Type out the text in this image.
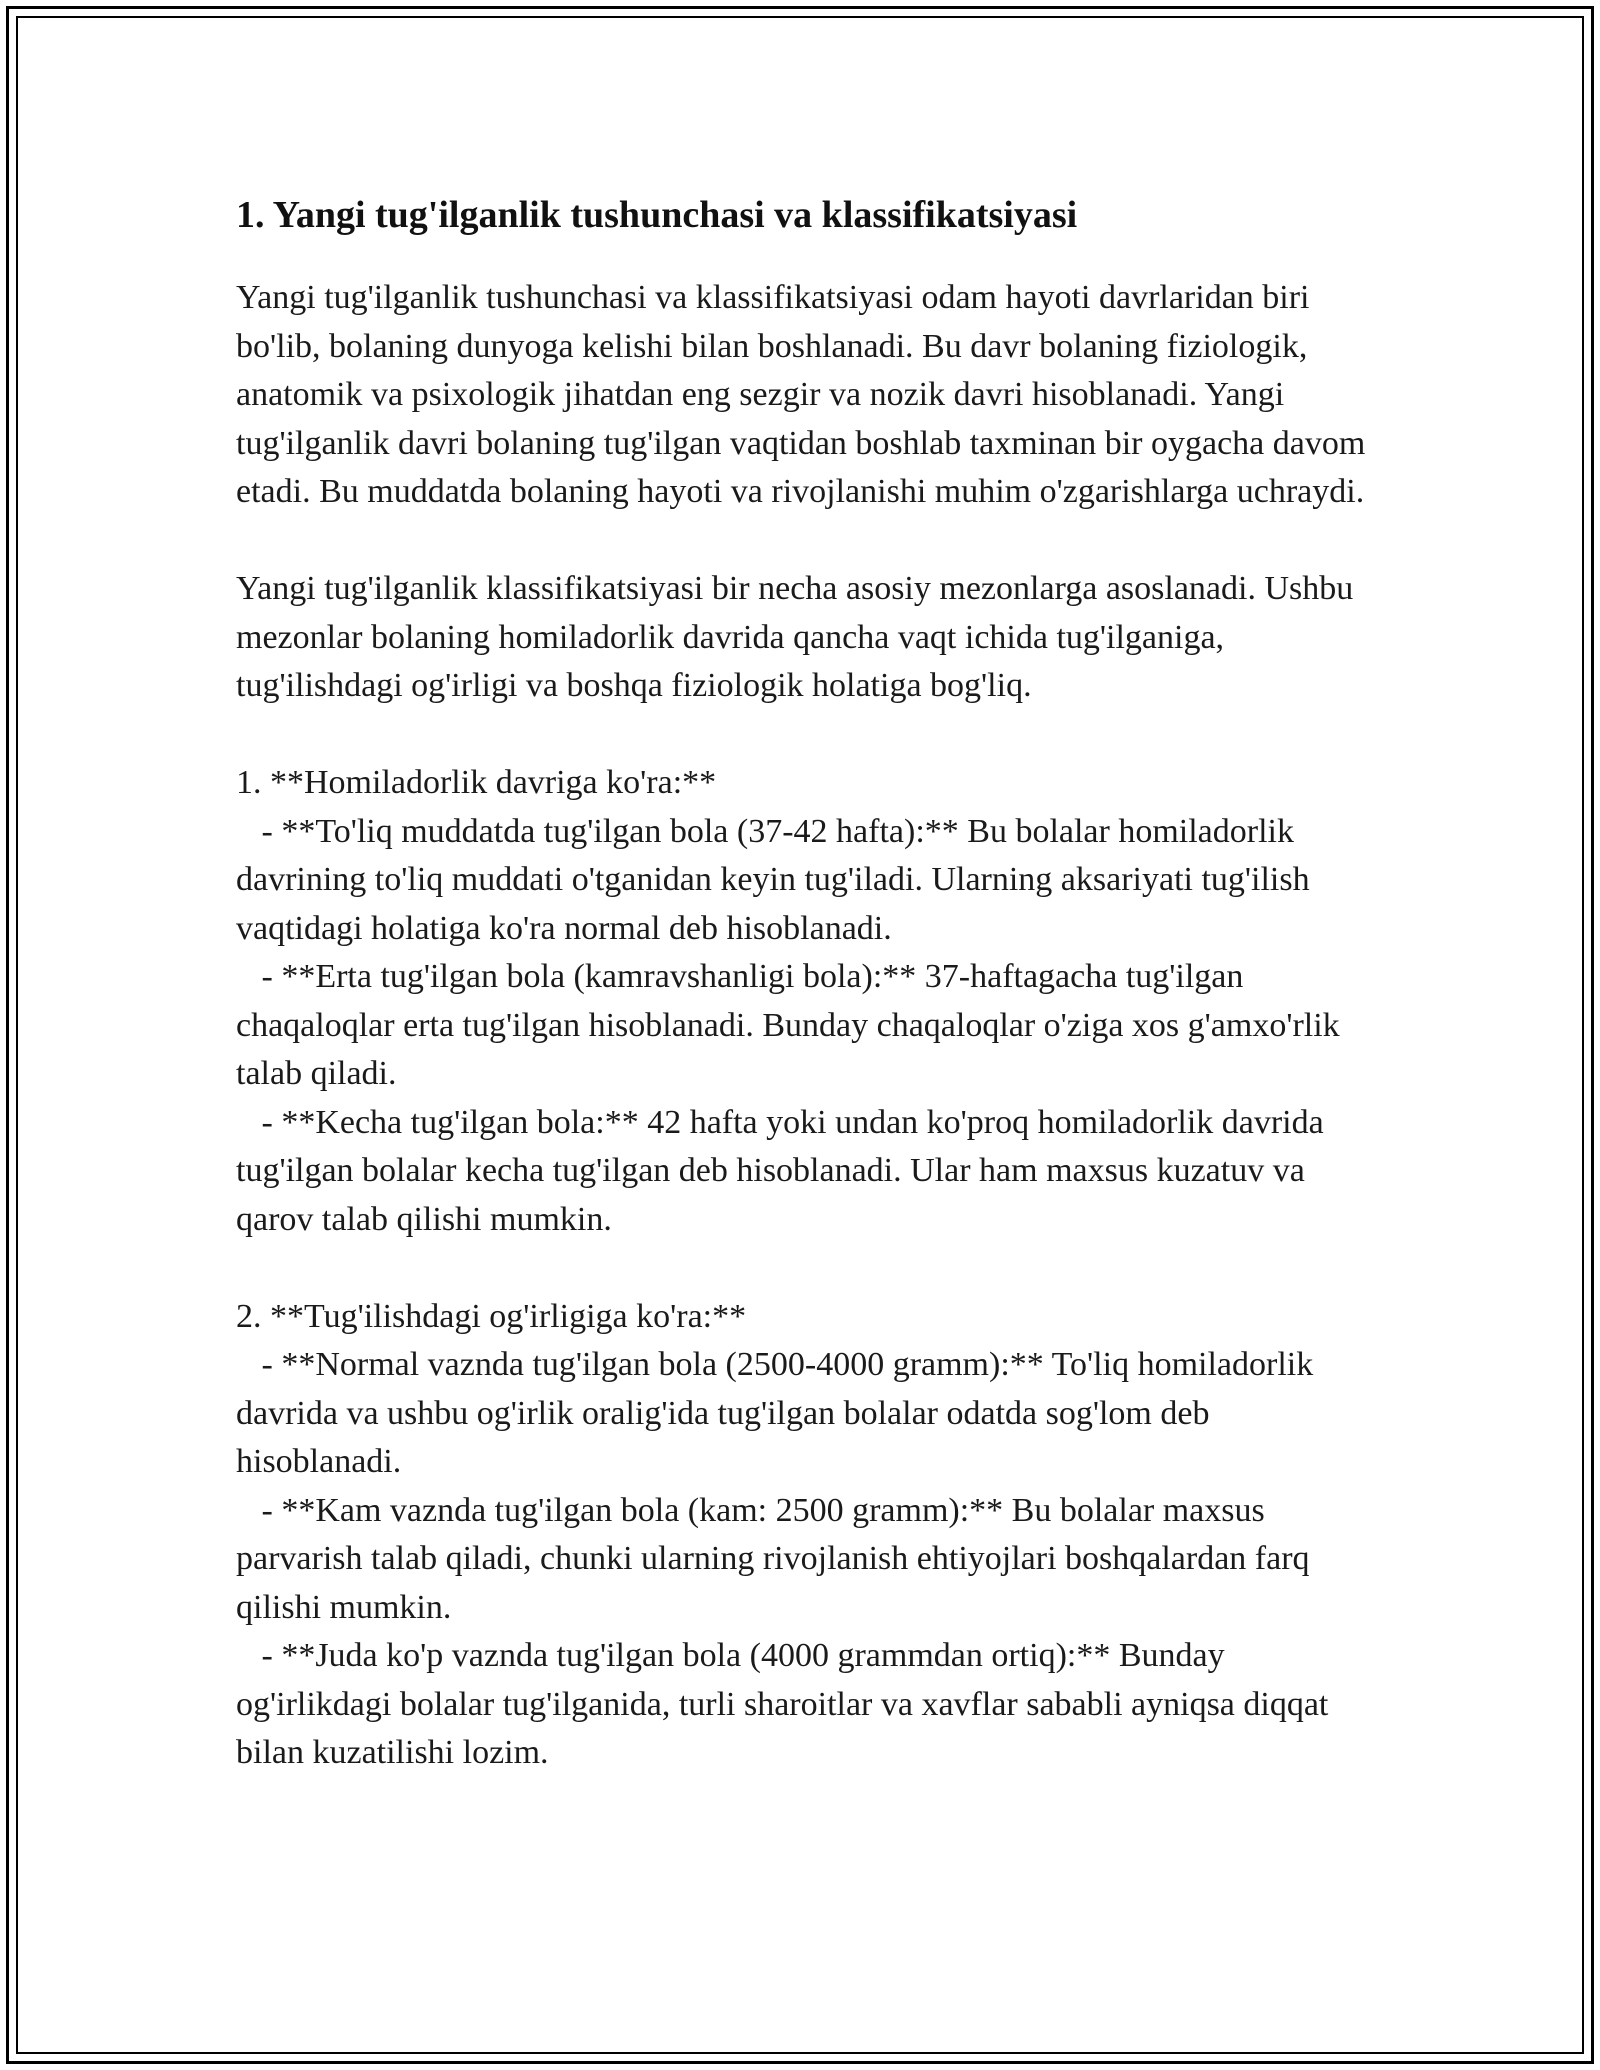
1. Yangi tug'ilganlik tushunchasi va klassifikatsiyasi

Yangi tug'ilganlik tushunchasi va klassifikatsiyasi odam hayoti davrlaridan biri bo'lib, bolaning dunyoga kelishi bilan boshlanadi. Bu davr bolaning fiziologik, anatomik va psixologik jihatdan eng sezgir va nozik davri hisoblanadi. Yangi tug'ilganlik davri bolaning tug'ilgan vaqtidan boshlab taxminan bir oygacha davom etadi. Bu muddatda bolaning hayoti va rivojlanishi muhim o'zgarishlarga uchraydi.

Yangi tug'ilganlik klassifikatsiyasi bir necha asosiy mezonlarga asoslanadi. Ushbu mezonlar bolaning homiladorlik davrida qancha vaqt ichida tug'ilganiga, tug'ilishdagi og'irligi va boshqa fiziologik holatiga bog'liq.

1. **Homiladorlik davriga ko'ra:**

- **To'liq muddatda tug'ilgan bola (37-42 hafta):** Bu bolalar homiladorlik davrining to'liq muddati o'tganidan keyin tug'iladi. Ularning aksariyati tug'ilish vaqtidagi holatiga ko'ra normal deb hisoblanadi.

- **Erta tug'ilgan bola (kamravshanligi bola):** 37-haftagacha tug'ilgan chaqaloqlar erta tug'ilgan hisoblanadi. Bunday chaqaloqlar o'ziga xos g'amxo'rlik talab qiladi.

- **Kecha tug'ilgan bola:** 42 hafta yoki undan ko'proq homiladorlik davrida tug'ilgan bolalar kecha tug'ilgan deb hisoblanadi. Ular ham maxsus kuzatuv va qarov talab qilishi mumkin.

2. **Tug'ilishdagi og'irligiga ko'ra:**

- **Normal vaznda tug'ilgan bola (2500-4000 gramm):** To'liq homiladorlik davrida va ushbu og'irlik oralig'ida tug'ilgan bolalar odatda sog'lom deb hisoblanadi.

- **Kam vaznda tug'ilgan bola (kam: 2500 gramm):** Bu bolalar maxsus parvarish talab qiladi, chunki ularning rivojlanish ehtiyojlari boshqalardan farq qilishi mumkin.

- **Juda ko'p vaznda tug'ilgan bola (4000 grammdan ortiq):** Bunday og'irlikdagi bolalar tug'ilganida, turli sharoitlar va xavflar sababli ayniqsa diqqat bilan kuzatilishi lozim.
